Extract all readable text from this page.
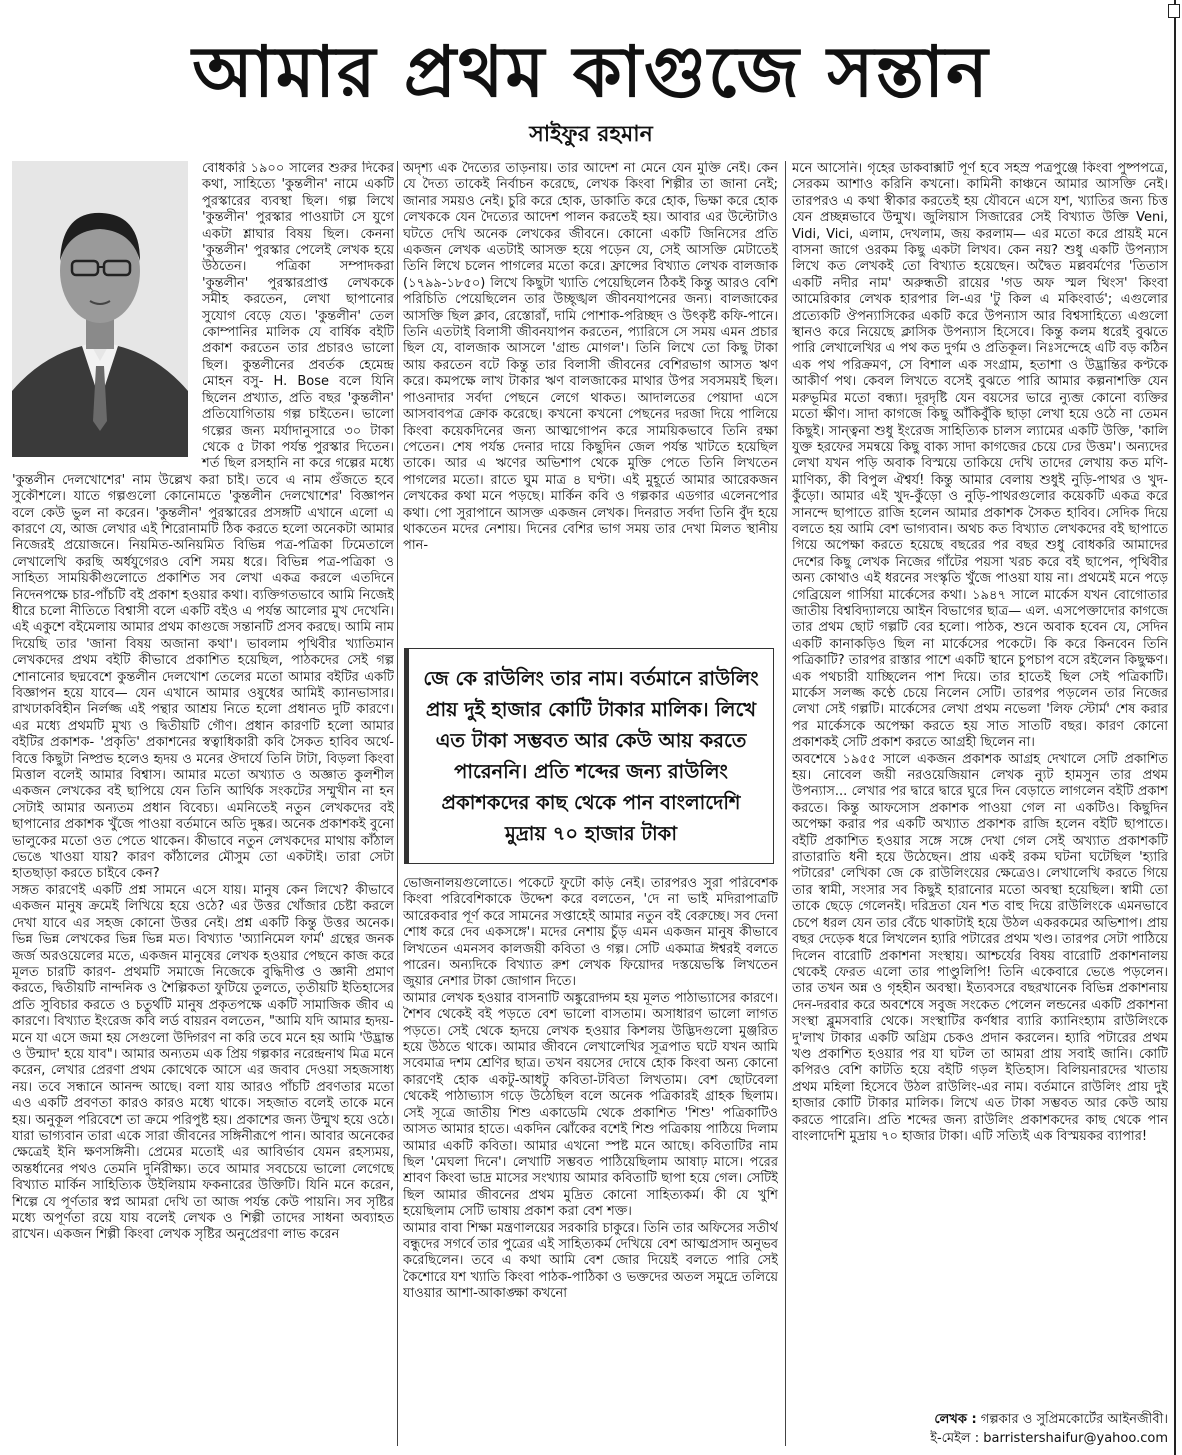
আমার প্রথম কাগুজে সন্তান
সাইফুর রহমান

বোধকরি ১৯০০ সালের শুরুর দিকের কথা, সাহিত্যে 'কুন্তলীন' নামে একটি পুরস্কারের ব্যবস্থা ছিল। গল্প লিখে 'কুন্তলীন' পুরস্কার পাওয়াটা সে যুগে একটা শ্লাঘার বিষয় ছিল। কেননা 'কুন্তলীন' পুরস্কার পেলেই লেখক হয়ে উঠতেন। পত্রিকা সম্পাদকরা 'কুন্তলীন' পুরস্কারপ্রাপ্ত লেখককে সমীহ করতেন, লেখা ছাপানোর সুযোগ বেড়ে যেত। 'কুন্তলীন' তেল কোম্পানির মালিক যে বার্ষিক বইটি প্রকাশ করতেন তার প্রচারও ভালো ছিল। কুন্তলীনের প্রবর্তক হেমেন্দ্র মোহন বসু- H. Bose বলে যিনি ছিলেন প্রখ্যাত, প্রতি বছর 'কুন্তলীন' প্রতিযোগিতায় গল্প চাইতেন। ভালো গল্পের জন্য মর্যাদানুসারে ৩০ টাকা থেকে ৫ টাকা পর্যন্ত পুরস্কার দিতেন। শর্ত ছিল রসহানি না করে গল্পের মধ্যে 'কুন্তলীন দেলখোশের' নাম উল্লেখ করা চাই। তবে এ নাম গুঁজতে হবে সুকৌশলে। যাতে গল্পগুলো কোনোমতে 'কুন্তলীন দেলখোশের' বিজ্ঞাপন বলে কেউ ভুল না করেন। 'কুন্তলীন' পুরস্কারের প্রসঙ্গটি এখানে এলো এ কারণে যে, আজ লেখার এই শিরোনামটি ঠিক করতে হলো অনেকটা আমার নিজেরই প্রয়োজনে। নিয়মিত-অনিয়মিত বিভিন্ন পত্র-পত্রিকা ঢিমেতালে লেখালেখি করছি অর্ধযুগেরও বেশি সময় ধরে। বিভিন্ন পত্র-পত্রিকা ও সাহিত্য সাময়িকীগুলোতে প্রকাশিত সব লেখা একত্র করলে এতদিনে নিদেনপক্ষে চার-পাঁচটি বই প্রকাশ হওয়ার কথা। ব্যক্তিগতভাবে আমি নিজেই ধীরে চলো নীতিতে বিশ্বাসী বলে একটি বইও এ পর্যন্ত আলোর মুখ দেখেনি। এই একুশে বইমেলায় আমার প্রথম কাগুজে সন্তানটি প্রসব করছে। আমি নাম দিয়েছি তার 'জানা বিষয় অজানা কথা'। ভাবলাম পৃথিবীর খ্যাতিমান লেখকদের প্রথম বইটি কীভাবে প্রকাশিত হয়েছিল, পাঠকদের সেই গল্প শোনানোর ছদ্মবেশে কুন্তলীন দেলখোশ তেলের মতো আমার বইটির একটি বিজ্ঞাপন হয়ে যাবে— যেন এখানে আমার ওষুধের আমিই ক্যানভাসার। রাখঢাকবিহীন নির্লজ্জ এই পন্থার আশ্রয় নিতে হলো প্রধানত দুটি কারণে। এর মধ্যে প্রথমটি মুখ্য ও দ্বিতীয়টি গৌণ। প্রধান কারণটি হলো আমার বইটির প্রকাশক- 'প্রকৃতি' প্রকাশনের স্বত্বাধিকারী কবি সৈকত হাবিব অর্থে-বিত্তে কিছুটা নিষ্প্রভ হলেও হৃদয় ও মনের ঔদার্যে তিনি টাটা, বিড়লা কিংবা মিত্তাল বলেই আমার বিশ্বাস। আমার মতো অখ্যাত ও অজ্ঞাত কুলশীল একজন লেখকের বই ছাপিয়ে যেন তিনি আর্থিক সংকটের সম্মুখীন না হন সেটাই আমার অন্যতম প্রধান বিবেচ্য। এমনিতেই নতুন লেখকদের বই ছাপানোর প্রকাশক খুঁজে পাওয়া বর্তমানে অতি দুষ্কর। অনেক প্রকাশকই বুনো ভালুকের মতো ওত পেতে থাকেন। কীভাবে নতুন লেখকদের মাথায় কাঁঠাল ভেঙে খাওয়া যায়? কারণ কাঁঠালের মৌসুম তো একটাই। তারা সেটা হাতছাড়া করতে চাইবে কেন?

সঙ্গত কারণেই একটি প্রশ্ন সামনে এসে যায়। মানুষ কেন লিখে? কীভাবে একজন মানুষ ক্রমেই লিখিয়ে হয়ে ওঠে? এর উত্তর খোঁজার চেষ্টা করলে দেখা যাবে এর সহজ কোনো উত্তর নেই। প্রশ্ন একটি কিন্তু উত্তর অনেক। ভিন্ন ভিন্ন লেখকের ভিন্ন ভিন্ন মত। বিখ্যাত 'অ্যানিমেল ফার্ম' গ্রন্থের জনক জর্জ অরওয়েলের মতে, একজন মানুষের লেখক হওয়ার পেছনে কাজ করে মূলত চারটি কারণ- প্রথমটি সমাজে নিজেকে বুদ্ধিদীপ্ত ও জ্ঞানী প্রমাণ করতে, দ্বিতীয়টি নান্দনিক ও শৈল্পিকতা ফুটিয়ে তুলতে, তৃতীয়টি ইতিহাসের প্রতি সুবিচার করতে ও চতুর্থটি মানুষ প্রকৃতপক্ষে একটি সামাজিক জীব এ কারণে। বিখ্যাত ইংরেজ কবি লর্ড বায়রন বলতেন, "আমি যদি আমার হৃদয়-মনে যা এসে জমা হয় সেগুলো উদ্গিরণ না করি তবে মনে হয় আমি 'উদ্ভ্রান্ত ও উন্মাদ' হয়ে যাব"। আমার অন্যতম এক প্রিয় গল্পকার নরেন্দ্রনাথ মিত্র মনে করেন, লেখার প্রেরণা প্রথম কোথেকে আসে এর জবাব দেওয়া সহজসাধ্য নয়। তবে সন্ধানে আনন্দ আছে। বলা যায় আরও পাঁচটি প্রবণতার মতো এও একটি প্রবণতা কারও কারও মধ্যে থাকে। সহজাত বলেই তাকে মনে হয়। অনুকূল পরিবেশে তা ক্রমে পরিপুষ্ট হয়। প্রকাশের জন্য উন্মুখ হয়ে ওঠে। যারা ভাগ্যবান তারা একে সারা জীবনের সঙ্গিনীরূপে পান। আবার অনেকের ক্ষেত্রেই ইনি ক্ষণসঙ্গিনী। প্রেমের মতোই এর আবির্ভাব যেমন রহস্যময়, অন্তর্ধানের পথও তেমনি দুর্নিরীক্ষ্য। তবে আমার সবচেয়ে ভালো লেগেছে বিখ্যাত মার্কিন সাহিত্যিক উইলিয়াম ফকনারের উক্তিটি। যিনি মনে করেন, শিল্পে যে পূর্ণতার স্বপ্ন আমরা দেখি তা আজ পর্যন্ত কেউ পায়নি। সব সৃষ্টির মধ্যে অপূর্ণতা রয়ে যায় বলেই লেখক ও শিল্পী তাদের সাধনা অব্যাহত রাখেন। একজন শিল্পী কিংবা লেখক সৃষ্টির অনুপ্রেরণা লাভ করেন

অদৃশ্য এক দৈত্যের তাড়নায়। তার আদেশ না মেনে যেন মুক্তি নেই। কেন যে দৈত্য তাকেই নির্বাচন করেছে, লেখক কিংবা শিল্পীর তা জানা নেই; জানার সময়ও নেই। চুরি করে হোক, ডাকাতি করে হোক, ভিক্ষা করে হোক লেখককে যেন দৈত্যের আদেশ পালন করতেই হয়। আবার এর উল্টোটাও ঘটতে দেখি অনেক লেখকের জীবনে। কোনো একটি জিনিসের প্রতি একজন লেখক এতটাই আসক্ত হয়ে পড়েন যে, সেই আসক্তি মেটাতেই তিনি লিখে চলেন পাগলের মতো করে। ফ্রান্সের বিখ্যাত লেখক বালজাক (১৭৯৯-১৮৫০) লিখে কিছুটা খ্যাতি পেয়েছিলেন ঠিকই কিন্তু আরও বেশি পরিচিতি পেয়েছিলেন তার উচ্ছৃঙ্খল জীবনযাপনের জন্য। বালজাকের আসক্তি ছিল ক্লাব, রেস্তোরাঁ, দামি পোশাক-পরিচ্ছদ ও উৎকৃষ্ট কফি-পানে। তিনি এতটাই বিলাসী জীবনযাপন করতেন, প্যারিসে সে সময় এমন প্রচার ছিল যে, বালজাক আসলে 'গ্রান্ড মোগল'। তিনি লিখে তো কিছু টাকা আয় করতেন বটে কিন্তু তার বিলাসী জীবনের বেশিরভাগ আসত ঋণ করে। কমপক্ষে লাখ টাকার ঋণ বালজাকের মাথার উপর সবসময়ই ছিল। পাওনাদার সর্বদা পেছনে লেগে থাকত। আদালতের পেয়াদা এসে আসবাবপত্র ক্রোক করেছে। কখনো কখনো পেছনের দরজা দিয়ে পালিয়ে কিংবা কয়েকদিনের জন্য আত্মগোপন করে সাময়িকভাবে তিনি রক্ষা পেতেন। শেষ পর্যন্ত দেনার দায়ে কিছুদিন জেল পর্যন্ত খাটতে হয়েছিল তাকে। আর এ ঋণের অভিশাপ থেকে মুক্তি পেতে তিনি লিখতেন পাগলের মতো। রাতে ঘুম মাত্র ৪ ঘণ্টা। এই মুহূর্তে আমার আরেকজন লেখকের কথা মনে পড়ছে। মার্কিন কবি ও গল্পকার এডগার এলেনপোর কথা। পো সুরাপানে আসক্ত একজন লেখক। দিনরাত সর্বদা তিনি বুঁদ হয়ে থাকতেন মদের নেশায়। দিনের বেশির ভাগ সময় তার দেখা মিলত স্থানীয় পান-

জে কে রাউলিং তার নাম। বর্তমানে রাউলিং প্রায় দুই হাজার কোটি টাকার মালিক। লিখে এত টাকা সম্ভবত আর কেউ আয় করতে পারেননি। প্রতি শব্দের জন্য রাউলিং প্রকাশকদের কাছ থেকে পান বাংলাদেশি মুদ্রায় ৭০ হাজার টাকা

ভোজনালয়গুলোতে। পকেটে ফুটো কড়ি নেই। তারপরও সুরা পরিবেশক কিংবা পরিবেশিকাকে উদ্দেশ করে বলতেন, 'দে না ভাই মদিরাপাত্রটি আরেকবার পূর্ণ করে সামনের সপ্তাহেই আমার নতুন বই বেরুচ্ছে। সব দেনা শোধ করে দেব একসঙ্গে'। মদের নেশায় চুঁড় এমন একজন মানুষ কীভাবে লিখতেন এমনসব কালজয়ী কবিতা ও গল্প। সেটি একমাত্র ঈশ্বরই বলতে পারেন। অন্যদিকে বিখ্যাত রুশ লেখক ফিয়োদর দস্তয়েভস্কি লিখতেন জুয়ার নেশার টাকা জোগান দিতে।

আমার লেখক হওয়ার বাসনাটি অঙ্কুরোদ্গম হয় মূলত পাঠাভ্যাসের কারণে। শৈশব থেকেই বই পড়তে বেশ ভালো বাসতাম। অসাধারণ ভালো লাগত পড়তে। সেই থেকে হৃদয়ে লেখক হওয়ার কিশলয় উদ্ভিদগুলো মুঞ্জরিত হয়ে উঠতে থাকে। আমার জীবনে লেখালেখির সূত্রপাত ঘটে যখন আমি সবেমাত্র দশম শ্রেণির ছাত্র। তখন বয়সের দোষে হোক কিংবা অন্য কোনো কারণেই হোক একটু-আধটু কবিতা-টবিতা লিখতাম। বেশ ছোটবেলা থেকেই পাঠাভ্যাস গড়ে উঠেছিল বলে অনেক পত্রিকারই গ্রাহক ছিলাম। সেই সূত্রে জাতীয় শিশু একাডেমি থেকে প্রকাশিত 'শিশু' পত্রিকাটিও আসত আমার হাতে। একদিন ঝোঁকের বশেই শিশু পত্রিকায় পাঠিয়ে দিলাম আমার একটি কবিতা। আমার এখনো স্পষ্ট মনে আছে। কবিতাটির নাম ছিল 'মেঘলা দিনে'। লেখাটি সম্ভবত পাঠিয়েছিলাম আষাঢ় মাসে। পরের শ্রাবণ কিংবা ভাদ্র মাসের সংখ্যায় আমার কবিতাটি ছাপা হয়ে গেল। সেটিই ছিল আমার জীবনের প্রথম মুদ্রিত কোনো সাহিত্যকর্ম। কী যে খুশি হয়েছিলাম সেটি ভাষায় প্রকাশ করা বেশ শক্ত।

আমার বাবা শিক্ষা মন্ত্রণালয়ের সরকারি চাকুরে। তিনি তার অফিসের সতীর্থ বন্ধুদের সগর্বে তার পুত্রের এই সাহিত্যকর্ম দেখিয়ে বেশ আত্মপ্রসাদ অনুভব করেছিলেন। তবে এ কথা আমি বেশ জোর দিয়েই বলতে পারি সেই কৈশোরে যশ খ্যাতি কিংবা পাঠক-পাঠিকা ও ভক্তদের অতল সমুদ্রে তলিয়ে যাওয়ার আশা-আকাঙ্ক্ষা কখনো

মনে আসেনি। গৃহের ডাকবাক্সটি পূর্ণ হবে সহস্র পত্রপুঞ্জে কিংবা পুষ্পপত্রে, সেরকম আশাও করিনি কখনো। কামিনী কাঞ্চনে আমার আসক্তি নেই। তারপরও এ কথা স্বীকার করতেই হয় যৌবনে এসে যশ, খ্যাতির জন্য চিত্ত যেন প্রচ্ছন্নভাবে উন্মুখ। জুলিয়াস সিজারের সেই বিখ্যাত উক্তি Veni, Vidi, Vici, এলাম, দেখলাম, জয় করলাম— এর মতো করে প্রায়ই মনে বাসনা জাগে ওরকম কিছু একটা লিখব। কেন নয়? শুধু একটি উপন্যাস লিখে কত লেখকই তো বিখ্যাত হয়েছেন। অদ্বৈত মল্লবর্মণের 'তিতাস একটি নদীর নাম' অরুন্ধতী রায়ের 'গড অফ স্মল থিংস' কিংবা আমেরিকার লেখক হারপার লি-এর 'টু কিল এ মকিংবার্ড'; এগুলোর প্রত্যেকটি ঔপন্যাসিকের একটি করে উপন্যাস আর বিশ্বসাহিত্যে এগুলো স্থানও করে নিয়েছে ক্লাসিক উপন্যাস হিসেবে। কিন্তু কলম ধরেই বুঝতে পারি লেখালেখির এ পথ কত দুর্গম ও প্রতিকূল। নিঃসন্দেহে এটি বড় কঠিন এক পথ পরিক্রমণ, সে বিশাল এক সংগ্রাম, হতাশা ও উদ্ভ্রান্তির কণ্টকে আকীর্ণ পথ। কেবল লিখতে বসেই বুঝতে পারি আমার কল্পনাশক্তি যেন মরুভূমির মতো বন্ধ্যা। দূরদৃষ্টি যেন বয়সের ভারে ন্যুব্জ কোনো ব্যক্তির মতো ক্ষীণ। সাদা কাগজে কিছু আঁকিবুঁকি ছাড়া লেখা হয়ে ওঠে না তেমন কিছুই। সান্ত্বনা শুধু ইংরেজ সাহিত্যিক চালস ল্যামের একটি উক্তি, 'কালি যুক্ত হরফের সমন্বয়ে কিছু বাক্য সাদা কাগজের চেয়ে ঢের উত্তম'। অন্যদের লেখা যখন পড়ি অবাক বিস্ময়ে তাকিয়ে দেখি তাদের লেখায় কত মণি-মাণিক্য, কী বিপুল ঐশ্বর্য! কিন্তু আমার বেলায় শুধুই নুড়ি-পাথর ও খুদ-কুঁড়ো। আমার এই খুদ-কুঁড়ো ও নুড়ি-পাথরগুলোর কয়েকটি একত্র করে সানন্দে ছাপাতে রাজি হলেন আমার প্রকাশক সৈকত হাবিব। সেদিক দিয়ে বলতে হয় আমি বেশ ভাগ্যবান। অথচ কত বিখ্যাত লেখকদের বই ছাপাতে গিয়ে অপেক্ষা করতে হয়েছে বছরের পর বছর শুধু বোধকরি আমাদের দেশের কিছু লেখক নিজের গাঁটের পয়সা খরচ করে বই ছাপেন, পৃথিবীর অন্য কোথাও এই ধরনের সংস্কৃতি খুঁজে পাওয়া যায় না। প্রথমেই মনে পড়ে গেব্রিয়েল গার্সিয়া মার্কেসের কথা। ১৯৪৭ সালে মার্কেস যখন বোগোতার জাতীয় বিশ্ববিদ্যালয়ে আইন বিভাগের ছাত্র— এল. এসপেক্তাদোর কাগজে তার প্রথম ছোট গল্পটি বের হলো। পাঠক, শুনে অবাক হবেন যে, সেদিন একটি কানাকড়িও ছিল না মার্কেসের পকেটে। কি করে কিনবেন তিনি পত্রিকাটি? তারপর রাস্তার পাশে একটি স্থানে চুপচাপ বসে রইলেন কিছুক্ষণ। এক পথচারী যাচ্ছিলেন পাশ দিয়ে। তার হাতেই ছিল সেই পত্রিকাটি। মার্কেস সলজ্জ কণ্ঠে চেয়ে নিলেন সেটি। তারপর পড়লেন তার নিজের লেখা সেই গল্পটি। মার্কেসের লেখা প্রথম নভেলা 'লিফ স্টোর্ম' শেষ করার পর মার্কেসকে অপেক্ষা করতে হয় সাত সাতটি বছর। কারণ কোনো প্রকাশকই সেটি প্রকাশ করতে আগ্রহী ছিলেন না।

অবশেষে ১৯৫৫ সালে একজন প্রকাশক আগ্রহ দেখালে সেটি প্রকাশিত হয়। নোবেল জয়ী নরওয়েজিয়ান লেখক ন্যুট হামসুন তার প্রথম উপন্যাস... লেখার পর দ্বারে দ্বারে ঘুরে দিন বেড়াতে লাগলেন বইটি প্রকাশ করতে। কিন্তু আফসোস প্রকাশক পাওয়া গেল না একটিও। কিছুদিন অপেক্ষা করার পর একটি অখ্যাত প্রকাশক রাজি হলেন বইটি ছাপাতে। বইটি প্রকাশিত হওয়ার সঙ্গে সঙ্গে দেখা গেল সেই অখ্যাত প্রকাশকটি রাতারাতি ধনী হয়ে উঠেছেন। প্রায় একই রকম ঘটনা ঘটেছিল 'হ্যারি পটারের' লেখিকা জে কে রাউলিংয়ের ক্ষেত্রেও। লেখালেখি করতে গিয়ে তার স্বামী, সংসার সব কিছুই হারানোর মতো অবস্থা হয়েছিল। স্বামী তো তাকে ছেড়ে গেলেনই। দরিদ্রতা যেন শত বাহু দিয়ে রাউলিংকে এমনভাবে চেপে ধরল যেন তার বেঁচে থাকাটাই হয়ে উঠল একরকমের অভিশাপ। প্রায় বছর দেড়েক ধরে লিখলেন হ্যারি পটারের প্রথম খণ্ড। তারপর সেটা পাঠিয়ে দিলেন বারোটি প্রকাশনা সংস্থায়। আশ্চর্যের বিষয় বারোটি প্রকাশনালয় থেকেই ফেরত এলো তার পাণ্ডুলিপি! তিনি একেবারে ভেঙে পড়লেন। তার তখন অন্ন ও গৃহহীন অবস্থা। ইত্যবসরে বছরখানেক বিভিন্ন প্রকাশনায় দেন-দরবার করে অবশেষে সবুজ সংকেত পেলেন লন্ডনের একটি প্রকাশনা সংস্থা ব্লুমসবারি থেকে। সংস্থাটির কর্ণধার ব্যারি ক্যানিংহ্যাম রাউলিংকে দু'লাখ টাকার একটি অগ্রিম চেকও প্রদান করলেন। হ্যারি পটারের প্রথম খণ্ড প্রকাশিত হওয়ার পর যা ঘটল তা আমরা প্রায় সবাই জানি। কোটি কপিরও বেশি কাটতি হয়ে বইটি গড়ল ইতিহাস। বিলিয়নারদের খাতায় প্রথম মহিলা হিসেবে উঠল রাউলিং-এর নাম। বর্তমানে রাউলিং প্রায় দুই হাজার কোটি টাকার মালিক। লিখে এত টাকা সম্ভবত আর কেউ আয় করতে পারেনি। প্রতি শব্দের জন্য রাউলিং প্রকাশকদের কাছ থেকে পান বাংলাদেশি মুদ্রায় ৭০ হাজার টাকা। এটি সত্যিই এক বিস্ময়কর ব্যাপার!

লেখক : গল্পকার ও সুপ্রিমকোর্টের আইনজীবী।
ই-মেইল : barristershaifur@yahoo.com
